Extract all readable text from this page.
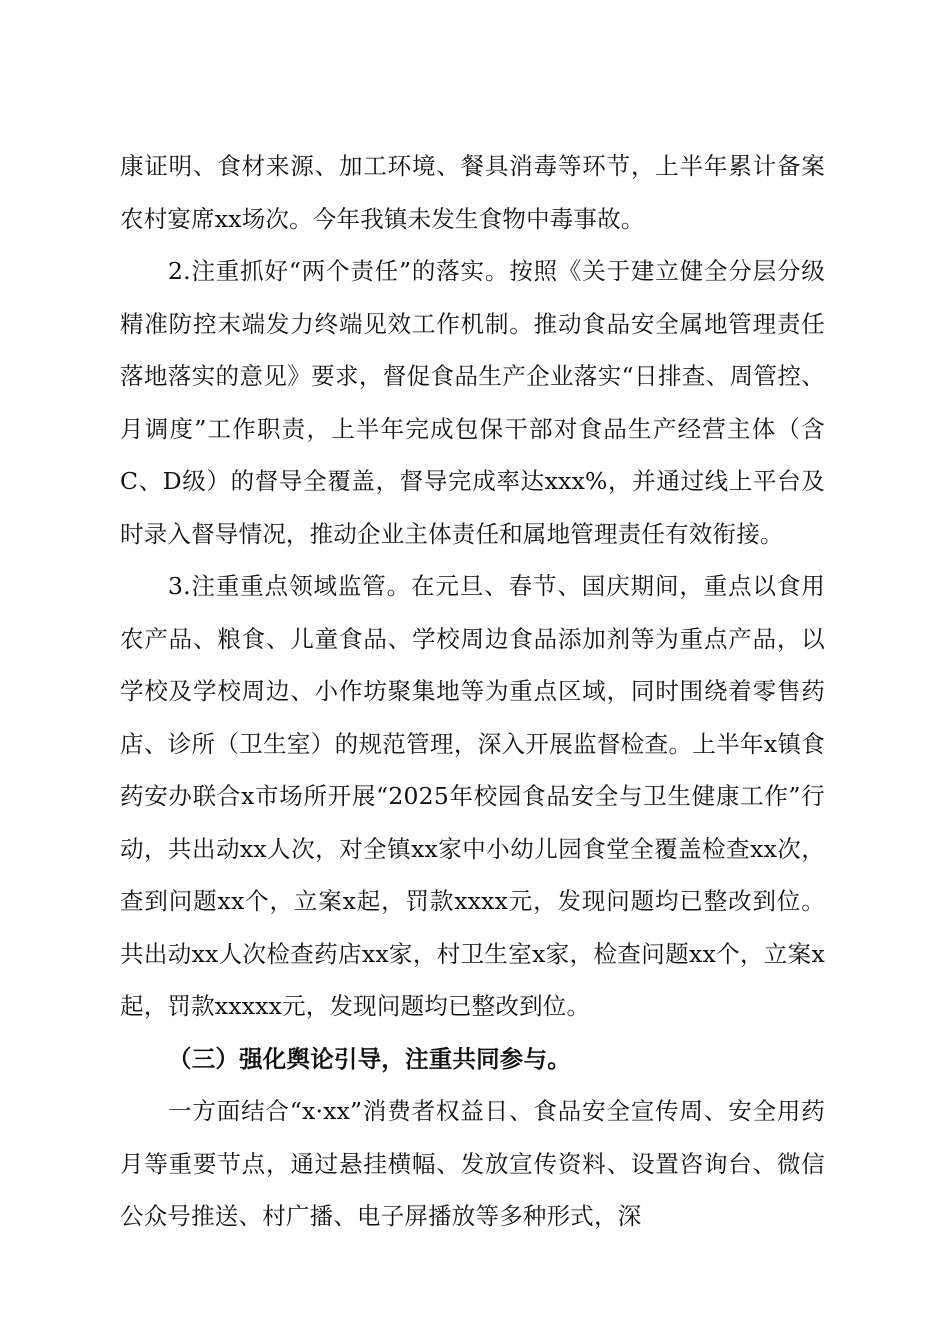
康证明、食材来源、加工环境、餐具消毒等环节，上半年累计备案农村宴席xx场次。今年我镇未发生食物中毒事故。

2.注重抓好“两个责任”的落实。按照《关于建立健全分层分级精准防控末端发力终端见效工作机制。推动食品安全属地管理责任落地落实的意见》要求，督促食品生产企业落实“日排查、周管控、月调度”工作职责，上半年完成包保干部对食品生产经营主体（含C、D级）的督导全覆盖，督导完成率达xxx%，并通过线上平台及时录入督导情况，推动企业主体责任和属地管理责任有效衔接。

3.注重重点领域监管。在元旦、春节、国庆期间，重点以食用农产品、粮食、儿童食品、学校周边食品添加剂等为重点产品，以学校及学校周边、小作坊聚集地等为重点区域，同时围绕着零售药店、诊所（卫生室）的规范管理，深入开展监督检查。上半年x镇食药安办联合x市场所开展“2025年校园食品安全与卫生健康工作”行动，共出动xx人次，对全镇xx家中小幼儿园食堂全覆盖检查xx次，查到问题xx个，立案x起，罚款xxxx元，发现问题均已整改到位。共出动xx人次检查药店xx家，村卫生室x家，检查问题xx个，立案x起，罚款xxxxx元，发现问题均已整改到位。

（三）强化舆论引导，注重共同参与。

一方面结合“x·xx”消费者权益日、食品安全宣传周、安全用药月等重要节点，通过悬挂横幅、发放宣传资料、设置咨询台、微信公众号推送、村广播、电子屏播放等多种形式，深
